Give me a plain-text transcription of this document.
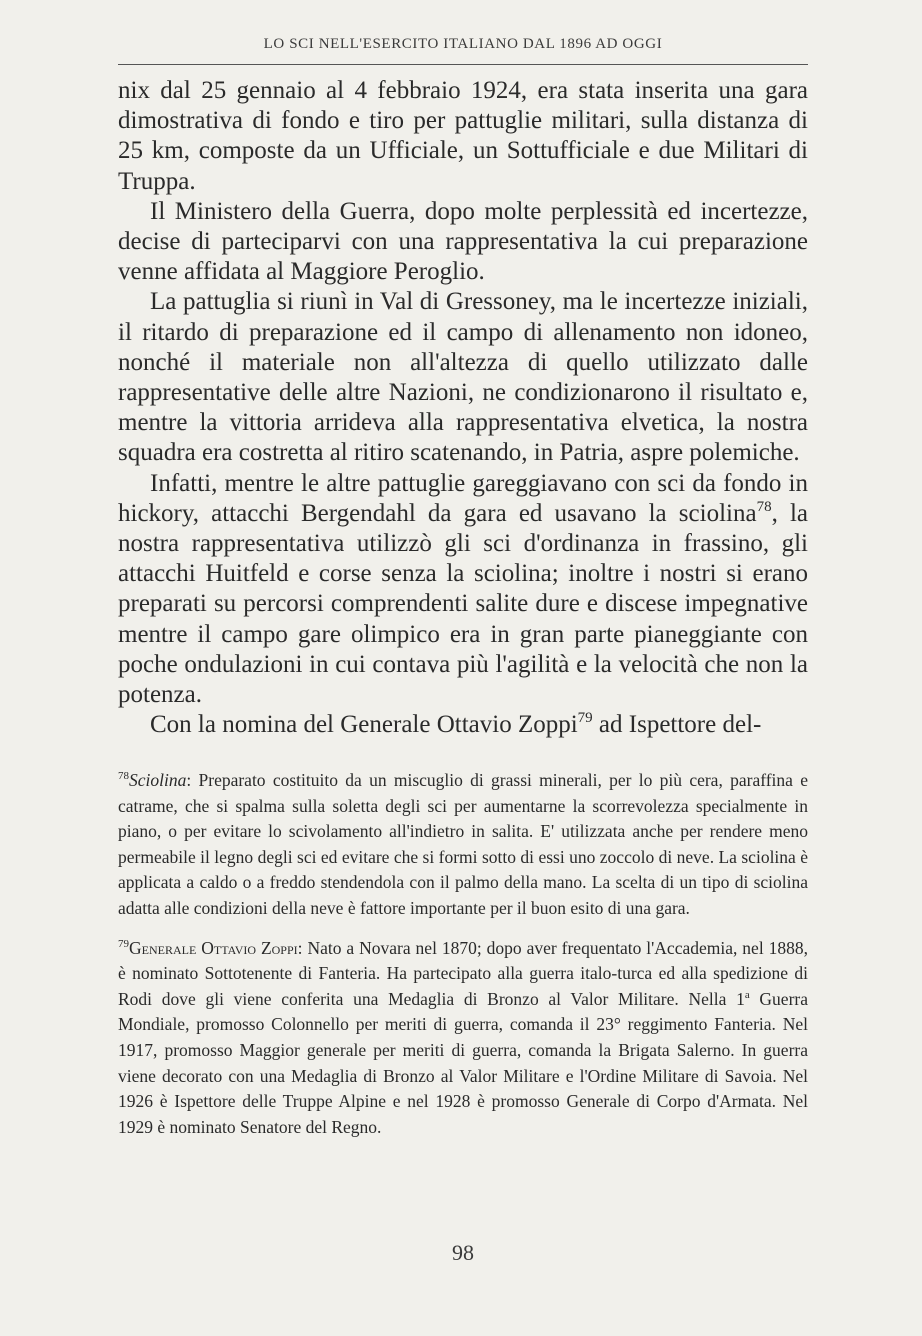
LO SCI NELL'ESERCITO ITALIANO DAL 1896 AD OGGI

nix dal 25 gennaio al 4 febbraio 1924, era stata inserita una gara dimostrativa di fondo e tiro per pattuglie militari, sulla distanza di 25 km, composte da un Ufficiale, un Sottufficiale e due Militari di Truppa.

Il Ministero della Guerra, dopo molte perplessità ed incertezze, decise di parteciparvi con una rappresentativa la cui preparazione venne affidata al Maggiore Peroglio.

La pattuglia si riunì in Val di Gressoney, ma le incertezze iniziali, il ritardo di preparazione ed il campo di allenamento non idoneo, nonché il materiale non all'altezza di quello utilizzato dalle rappresentative delle altre Nazioni, ne condizionarono il risultato e, mentre la vittoria arrideva alla rappresentativa elvetica, la nostra squadra era costretta al ritiro scatenando, in Patria, aspre polemiche.

Infatti, mentre le altre pattuglie gareggiavano con sci da fondo in hickory, attacchi Bergendahl da gara ed usavano la sciolina$^{78}$, la nostra rappresentativa utilizzò gli sci d'ordinanza in frassino, gli attacchi Huitfeld e corse senza la sciolina; inoltre i nostri si erano preparati su percorsi comprendenti salite dure e discese impegnative mentre il campo gare olimpico era in gran parte pianeggiante con poche ondulazioni in cui contava più l'agilità e la velocità che non la potenza.

Con la nomina del Generale Ottavio Zoppi$^{79}$ ad Ispettore del-

$^{78}$Sciolina: Preparato costituito da un miscuglio di grassi minerali, per lo più cera, paraffina e catrame, che si spalma sulla soletta degli sci per aumentarne la scorrevolezza specialmente in piano, o per evitare lo scivolamento all'indietro in salita. E' utilizzata anche per rendere meno permeabile il legno degli sci ed evitare che si formi sotto di essi uno zoccolo di neve. La sciolina è applicata a caldo o a freddo stendendola con il palmo della mano. La scelta di un tipo di sciolina adatta alle condizioni della neve è fattore importante per il buon esito di una gara.

$^{79}$Generale Ottavio Zoppi: Nato a Novara nel 1870; dopo aver frequentato l'Accademia, nel 1888, è nominato Sottotenente di Fanteria. Ha partecipato alla guerra italo-turca ed alla spedizione di Rodi dove gli viene conferita una Medaglia di Bronzo al Valor Militare. Nella 1$^a$ Guerra Mondiale, promosso Colonnello per meriti di guerra, comanda il 23° reggimento Fanteria. Nel 1917, promosso Maggior generale per meriti di guerra, comanda la Brigata Salerno. In guerra viene decorato con una Medaglia di Bronzo al Valor Militare e l'Ordine Militare di Savoia. Nel 1926 è Ispettore delle Truppe Alpine e nel 1928 è promosso Generale di Corpo d'Armata. Nel 1929 è nominato Senatore del Regno.

98
